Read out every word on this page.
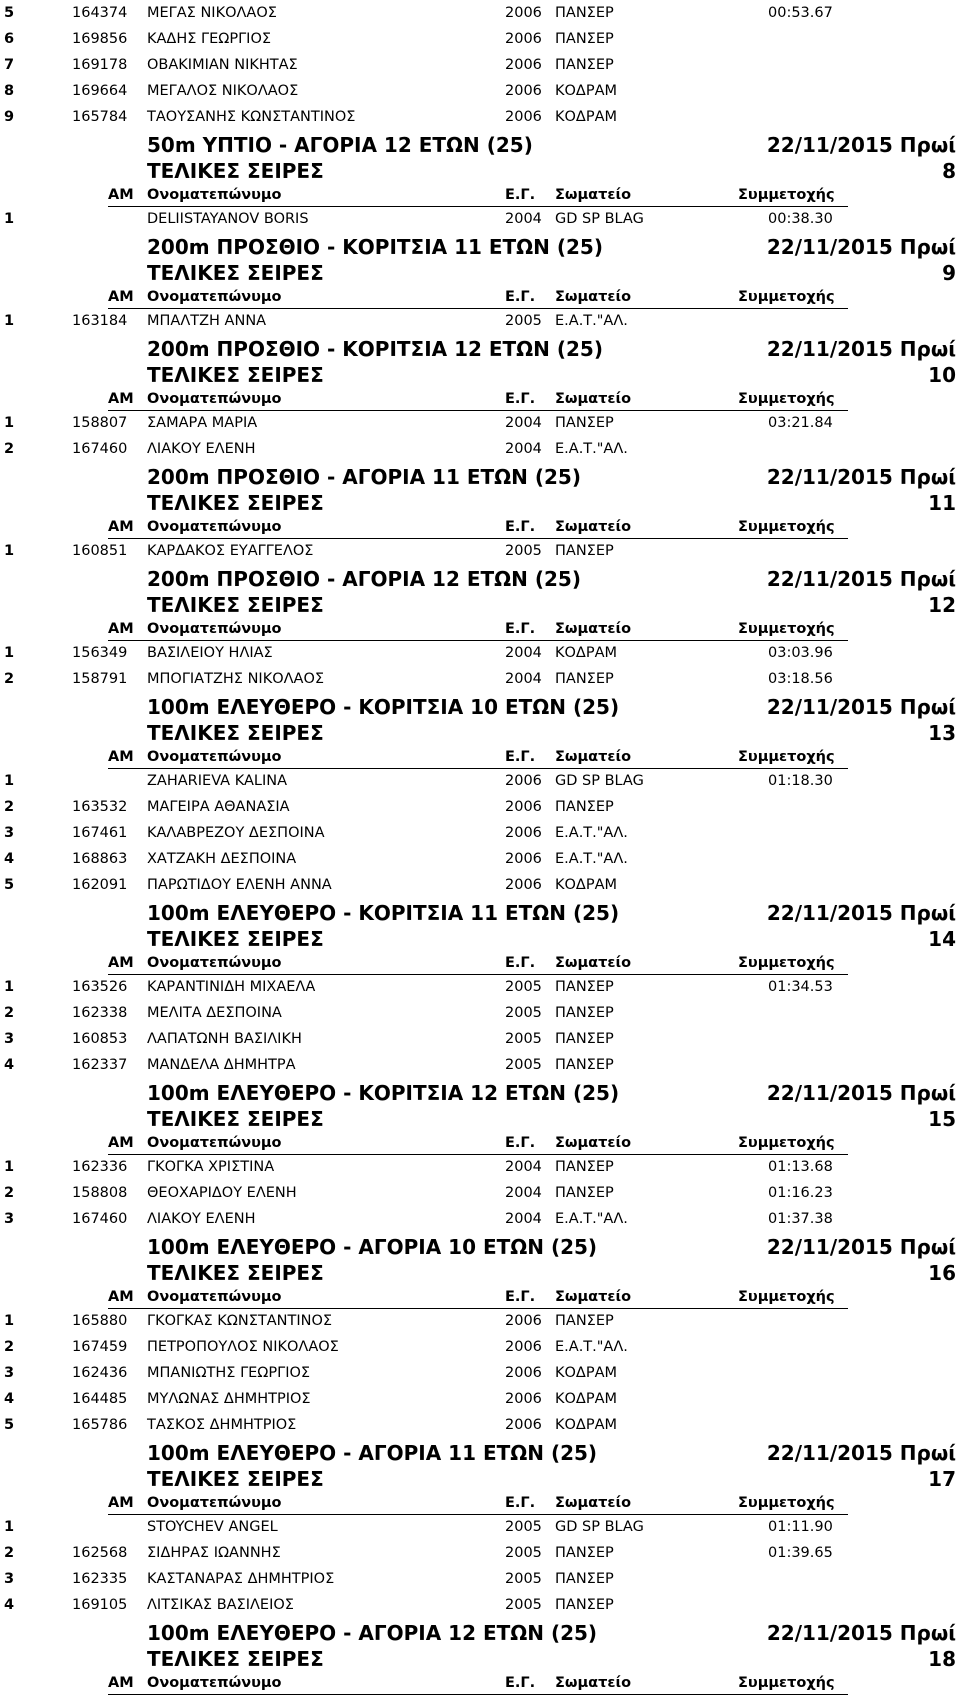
5	164374 ΜΕΓΑΣ ΝΙΚΟΛΑΟΣ	2006 ΠΑΝΣΕΡ	00:53.67
6	169856 ΚΑΔΗΣ ΓΕΩΡΓΙΟΣ	2006 ΠΑΝΣΕΡ
7	169178 ΟΒΑΚΙΜΙΑΝ ΝΙΚΗΤΑΣ	2006 ΠΑΝΣΕΡ
8	169664 ΜΕΓΑΛΟΣ ΝΙΚΟΛΑΟΣ	2006 ΚΟΔΡΑΜ
9	165784 ΤΑΟΥΣΑΝΗΣ ΚΩΝΣΤΑΝΤΙΝΟΣ	2006 ΚΟΔΡΑΜ
50m ΥΠΤΙΟ - ΑΓΟΡΙΑ 12 ΕΤΩΝ (25)	22/11/2015 Πρωί
ΤΕΛΙΚΕΣ ΣΕΙΡΕΣ	8
ΑΜ Ονοματεπώνυμο	Ε.Γ. Σωματείο	Συμμετοχής
1	DELIISTAYANOV BORIS	2004 GD SP BLAG	00:38.30
200m ΠΡΟΣΘΙΟ - ΚΟΡΙΤΣΙΑ 11 ΕΤΩΝ (25)	22/11/2015 Πρωί
ΤΕΛΙΚΕΣ ΣΕΙΡΕΣ	9
ΑΜ Ονοματεπώνυμο	Ε.Γ. Σωματείο	Συμμετοχής
1	163184 ΜΠΑΛΤΖΗ ΑΝΝΑ	2005 Ε.Α.Τ."ΑΛ.
200m ΠΡΟΣΘΙΟ - ΚΟΡΙΤΣΙΑ 12 ΕΤΩΝ (25)	22/11/2015 Πρωί
ΤΕΛΙΚΕΣ ΣΕΙΡΕΣ	10
ΑΜ Ονοματεπώνυμο	Ε.Γ. Σωματείο	Συμμετοχής
1	158807 ΣΑΜΑΡΑ ΜΑΡΙΑ	2004 ΠΑΝΣΕΡ	03:21.84
2	167460 ΛΙΑΚΟΥ ΕΛΕΝΗ	2004 Ε.Α.Τ."ΑΛ.
200m ΠΡΟΣΘΙΟ - ΑΓΟΡΙΑ 11 ΕΤΩΝ (25)	22/11/2015 Πρωί
ΤΕΛΙΚΕΣ ΣΕΙΡΕΣ	11
ΑΜ Ονοματεπώνυμο	Ε.Γ. Σωματείο	Συμμετοχής
1	160851 ΚΑΡΔΑΚΟΣ ΕΥΑΓΓΕΛΟΣ	2005 ΠΑΝΣΕΡ
200m ΠΡΟΣΘΙΟ - ΑΓΟΡΙΑ 12 ΕΤΩΝ (25)	22/11/2015 Πρωί
ΤΕΛΙΚΕΣ ΣΕΙΡΕΣ	12
ΑΜ Ονοματεπώνυμο	Ε.Γ. Σωματείο	Συμμετοχής
1	156349 ΒΑΣΙΛΕΙΟΥ ΗΛΙΑΣ	2004 ΚΟΔΡΑΜ	03:03.96
2	158791 ΜΠΟΓΙΑΤΖΗΣ ΝΙΚΟΛΑΟΣ	2004 ΠΑΝΣΕΡ	03:18.56
100m ΕΛΕΥΘΕΡΟ - ΚΟΡΙΤΣΙΑ 10 ΕΤΩΝ (25)	22/11/2015 Πρωί
ΤΕΛΙΚΕΣ ΣΕΙΡΕΣ	13
ΑΜ Ονοματεπώνυμο	Ε.Γ. Σωματείο	Συμμετοχής
1	ZAHARIEVA KALINA	2006 GD SP BLAG	01:18.30
2	163532 ΜΑΓΕΙΡΑ ΑΘΑΝΑΣΙΑ	2006 ΠΑΝΣΕΡ
3	167461 ΚΑΛΑΒΡΕΖΟΥ ΔΕΣΠΟΙΝΑ	2006 Ε.Α.Τ."ΑΛ.
4	168863 ΧΑΤΖΑΚΗ ΔΕΣΠΟΙΝΑ	2006 Ε.Α.Τ."ΑΛ.
5	162091 ΠΑΡΩΤΙΔΟΥ ΕΛΕΝΗ ΑΝΝΑ	2006 ΚΟΔΡΑΜ
100m ΕΛΕΥΘΕΡΟ - ΚΟΡΙΤΣΙΑ 11 ΕΤΩΝ (25)	22/11/2015 Πρωί
ΤΕΛΙΚΕΣ ΣΕΙΡΕΣ	14
ΑΜ Ονοματεπώνυμο	Ε.Γ. Σωματείο	Συμμετοχής
1	163526 ΚΑΡΑΝΤΙΝΙΔΗ ΜΙΧΑΕΛΑ	2005 ΠΑΝΣΕΡ	01:34.53
2	162338 ΜΕΛΙΤΑ ΔΕΣΠΟΙΝΑ	2005 ΠΑΝΣΕΡ
3	160853 ΛΑΠΑΤΩΝΗ ΒΑΣΙΛΙΚΗ	2005 ΠΑΝΣΕΡ
4	162337 ΜΑΝΔΕΛΑ ΔΗΜΗΤΡΑ	2005 ΠΑΝΣΕΡ
100m ΕΛΕΥΘΕΡΟ - ΚΟΡΙΤΣΙΑ 12 ΕΤΩΝ (25)	22/11/2015 Πρωί
ΤΕΛΙΚΕΣ ΣΕΙΡΕΣ	15
ΑΜ Ονοματεπώνυμο	Ε.Γ. Σωματείο	Συμμετοχής
1	162336 ΓΚΟΓΚΑ ΧΡΙΣΤΙΝΑ	2004 ΠΑΝΣΕΡ	01:13.68
2	158808 ΘΕΟΧΑΡΙΔΟΥ ΕΛΕΝΗ	2004 ΠΑΝΣΕΡ	01:16.23
3	167460 ΛΙΑΚΟΥ ΕΛΕΝΗ	2004 Ε.Α.Τ."ΑΛ.	01:37.38
100m ΕΛΕΥΘΕΡΟ - ΑΓΟΡΙΑ 10 ΕΤΩΝ (25)	22/11/2015 Πρωί
ΤΕΛΙΚΕΣ ΣΕΙΡΕΣ	16
ΑΜ Ονοματεπώνυμο	Ε.Γ. Σωματείο	Συμμετοχής
1	165880 ΓΚΟΓΚΑΣ ΚΩΝΣΤΑΝΤΙΝΟΣ	2006 ΠΑΝΣΕΡ
2	167459 ΠΕΤΡΟΠΟΥΛΟΣ ΝΙΚΟΛΑΟΣ	2006 Ε.Α.Τ."ΑΛ.
3	162436 ΜΠΑΝΙΩΤΗΣ ΓΕΩΡΓΙΟΣ	2006 ΚΟΔΡΑΜ
4	164485 ΜΥΛΩΝΑΣ ΔΗΜΗΤΡΙΟΣ	2006 ΚΟΔΡΑΜ
5	165786 ΤΑΣΚΟΣ ΔΗΜΗΤΡΙΟΣ	2006 ΚΟΔΡΑΜ
100m ΕΛΕΥΘΕΡΟ - ΑΓΟΡΙΑ 11 ΕΤΩΝ (25)	22/11/2015 Πρωί
ΤΕΛΙΚΕΣ ΣΕΙΡΕΣ	17
ΑΜ Ονοματεπώνυμο	Ε.Γ. Σωματείο	Συμμετοχής
1	STOYCHEV ANGEL	2005 GD SP BLAG	01:11.90
2	162568 ΣΙΔΗΡΑΣ ΙΩΑΝΝΗΣ	2005 ΠΑΝΣΕΡ	01:39.65
3	162335 ΚΑΣΤΑΝΑΡΑΣ ΔΗΜΗΤΡΙΟΣ	2005 ΠΑΝΣΕΡ
4	169105 ΛΙΤΣΙΚΑΣ ΒΑΣΙΛΕΙΟΣ	2005 ΠΑΝΣΕΡ
100m ΕΛΕΥΘΕΡΟ - ΑΓΟΡΙΑ 12 ΕΤΩΝ (25)	22/11/2015 Πρωί
ΤΕΛΙΚΕΣ ΣΕΙΡΕΣ	18
ΑΜ Ονοματεπώνυμο	Ε.Γ. Σωματείο	Συμμετοχής
